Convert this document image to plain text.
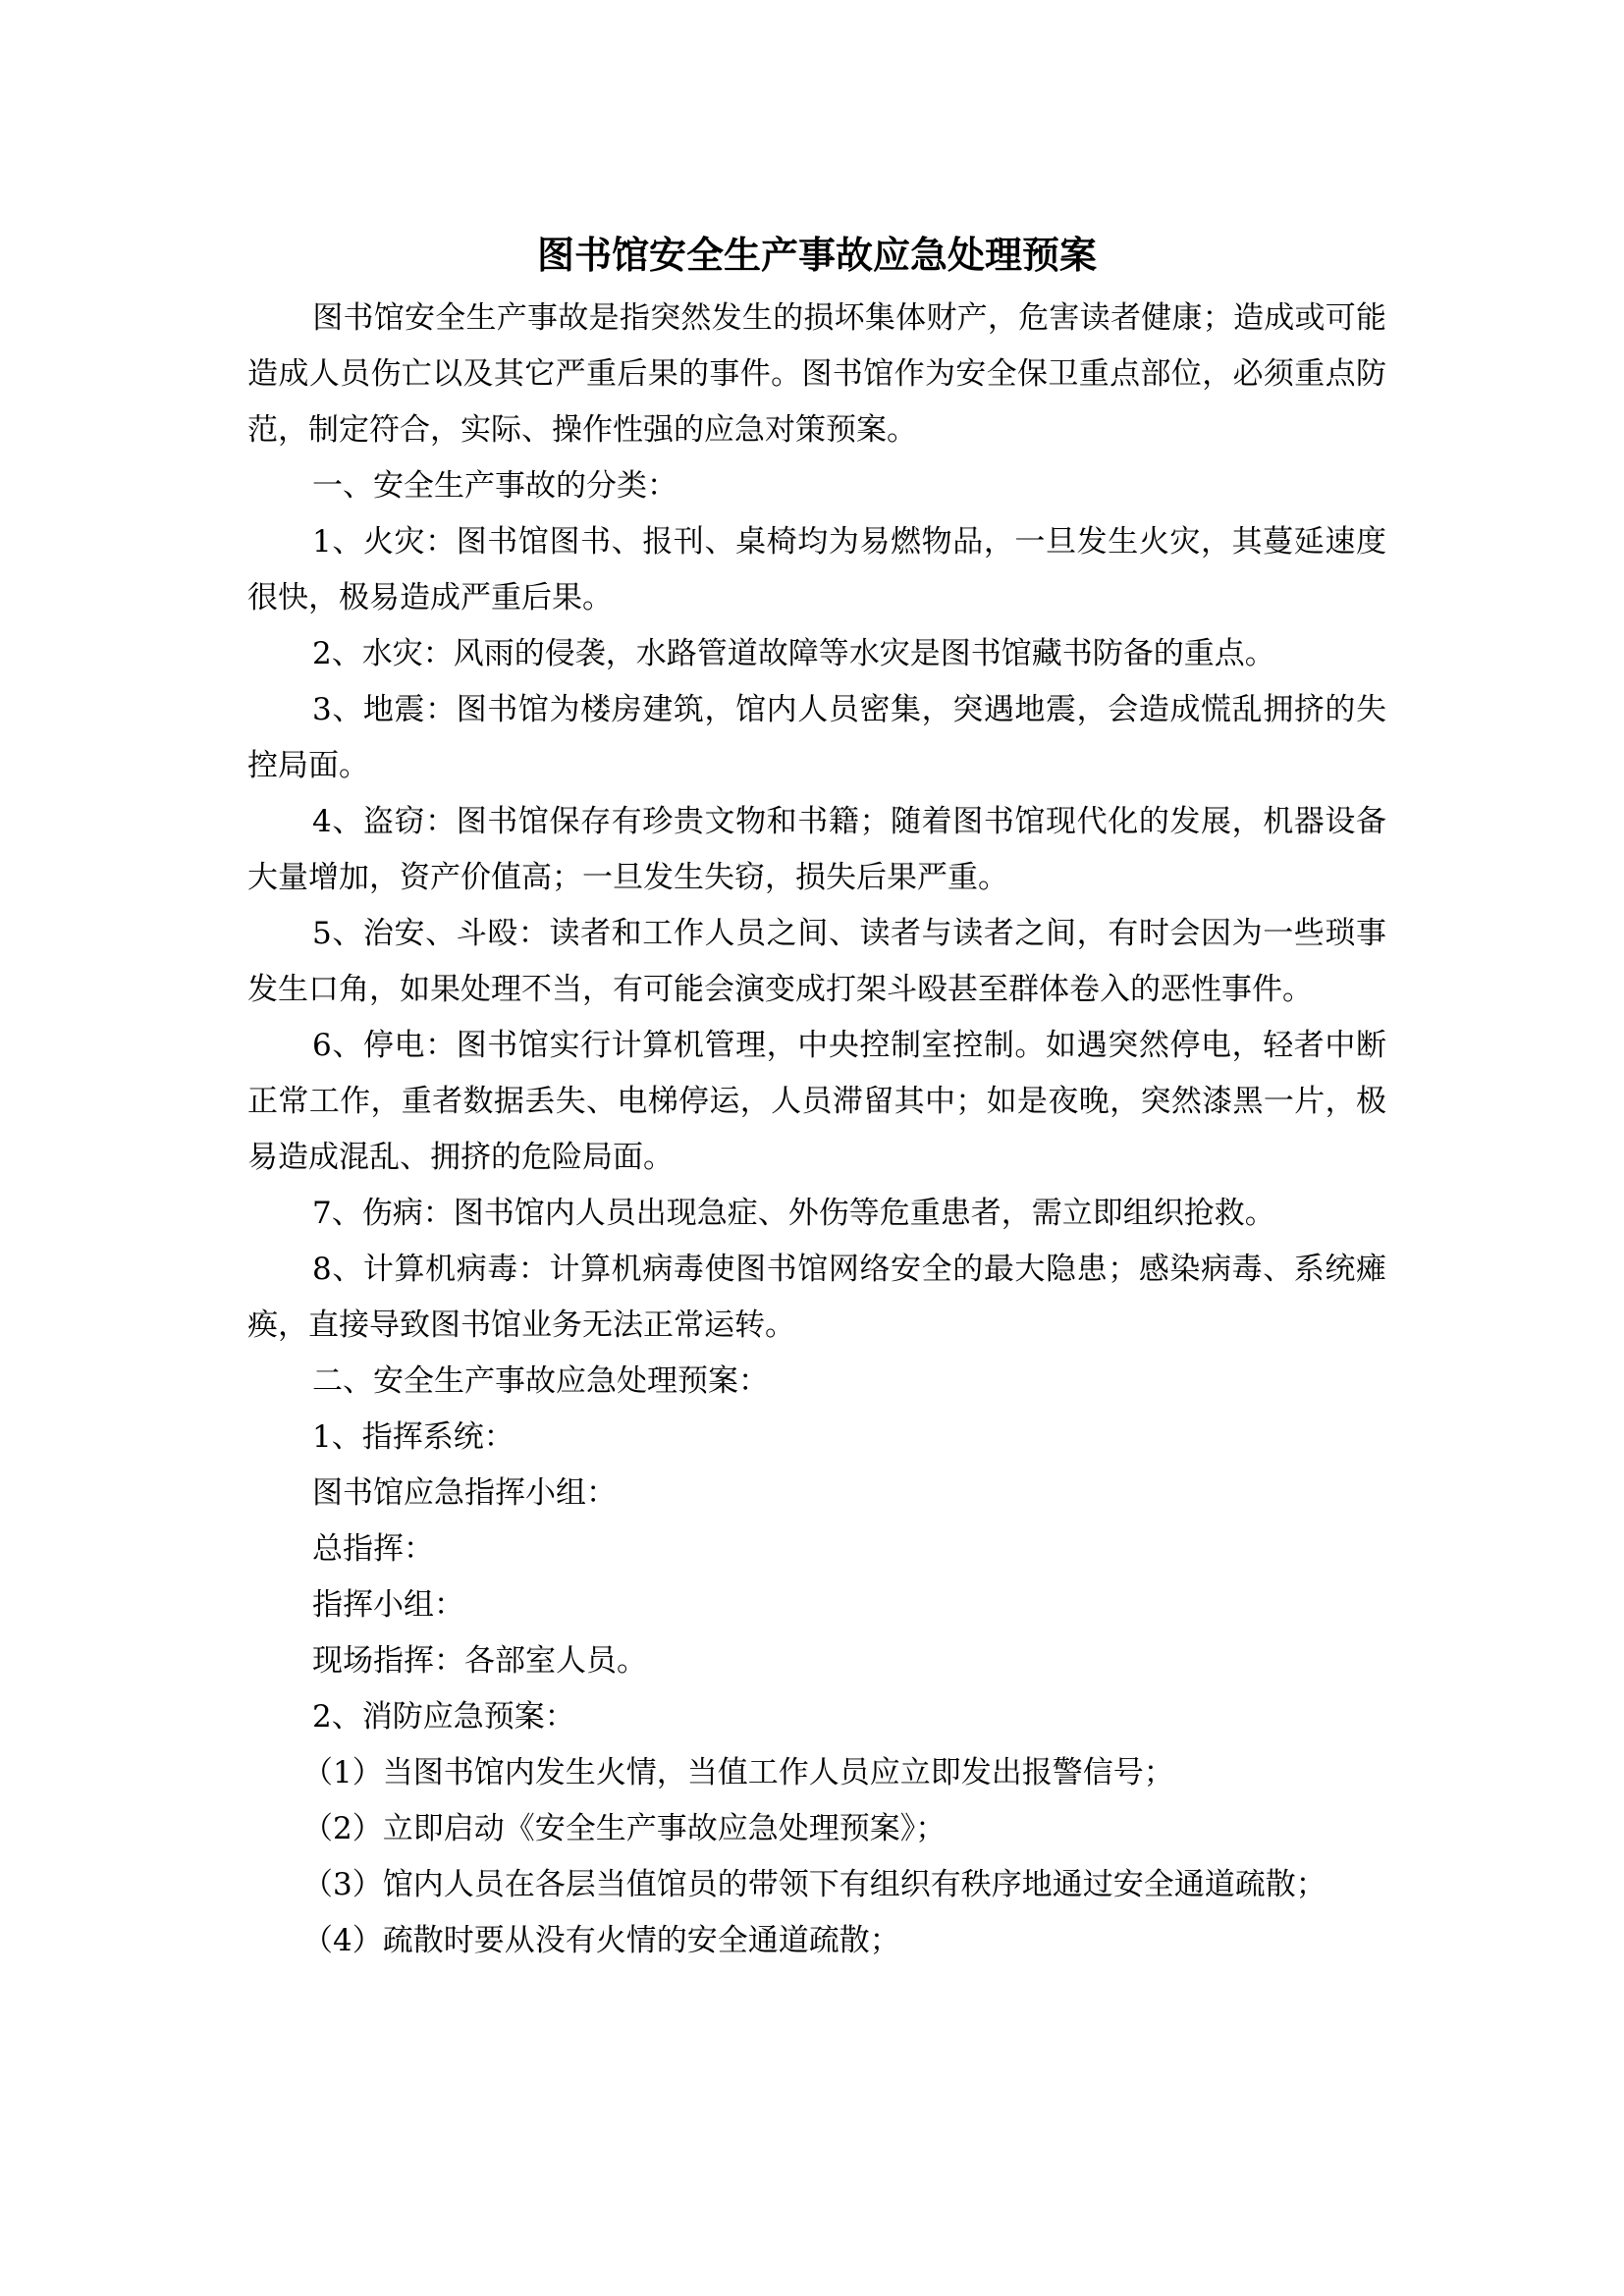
图书馆安全生产事故应急处理预案

图书馆安全生产事故是指突然发生的损坏集体财产，危害读者健康；造成或可能造成人员伤亡以及其它严重后果的事件。图书馆作为安全保卫重点部位，必须重点防范，制定符合，实际、操作性强的应急对策预案。

一、安全生产事故的分类：

1、火灾：图书馆图书、报刊、桌椅均为易燃物品，一旦发生火灾，其蔓延速度很快，极易造成严重后果。

2、水灾：风雨的侵袭，水路管道故障等水灾是图书馆藏书防备的重点。

3、地震：图书馆为楼房建筑，馆内人员密集，突遇地震，会造成慌乱拥挤的失控局面。

4、盗窃：图书馆保存有珍贵文物和书籍；随着图书馆现代化的发展，机器设备大量增加，资产价值高；一旦发生失窃，损失后果严重。

5、治安、斗殴：读者和工作人员之间、读者与读者之间，有时会因为一些琐事发生口角，如果处理不当，有可能会演变成打架斗殴甚至群体卷入的恶性事件。

6、停电：图书馆实行计算机管理，中央控制室控制。如遇突然停电，轻者中断正常工作，重者数据丢失、电梯停运，人员滞留其中；如是夜晚，突然漆黑一片，极易造成混乱、拥挤的危险局面。

7、伤病：图书馆内人员出现急症、外伤等危重患者，需立即组织抢救。

8、计算机病毒：计算机病毒使图书馆网络安全的最大隐患；感染病毒、系统瘫痪，直接导致图书馆业务无法正常运转。

二、安全生产事故应急处理预案：

1、指挥系统：

图书馆应急指挥小组：

总指挥：

指挥小组：

现场指挥：各部室人员。

2、消防应急预案：

（1）当图书馆内发生火情，当值工作人员应立即发出报警信号；

（2）立即启动《安全生产事故应急处理预案》；

（3）馆内人员在各层当值馆员的带领下有组织有秩序地通过安全通道疏散；

（4）疏散时要从没有火情的安全通道疏散；
